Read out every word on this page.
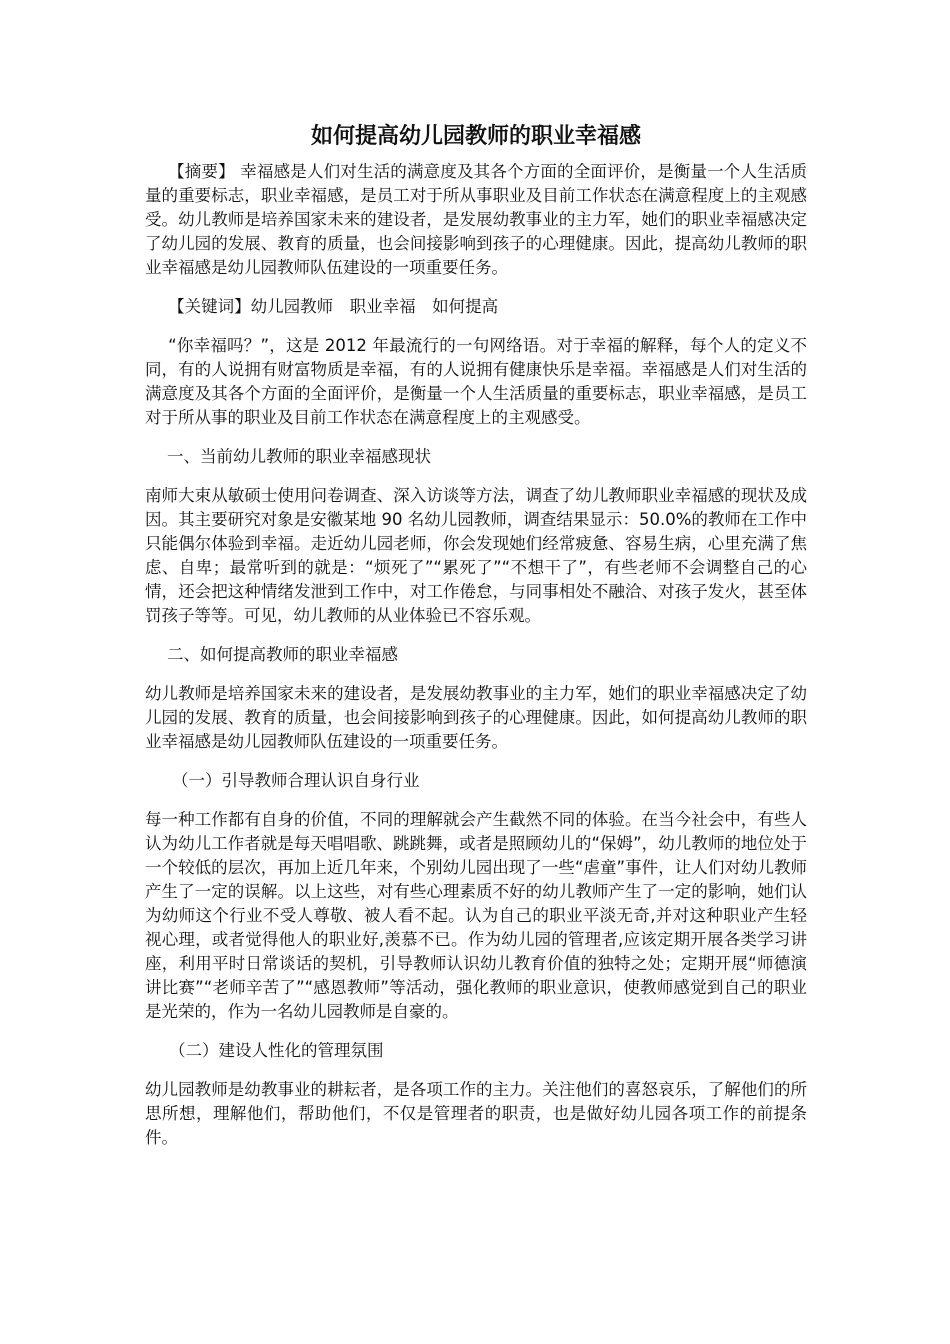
如何提高幼儿园教师的职业幸福感

【摘要】 幸福感是人们对生活的满意度及其各个方面的全面评价，是衡量一个人生活质量的重要标志，职业幸福感，是员工对于所从事职业及目前工作状态在满意程度上的主观感受。幼儿教师是培养国家未来的建设者，是发展幼教事业的主力军，她们的职业幸福感决定了幼儿园的发展、教育的质量，也会间接影响到孩子的心理健康。因此，提高幼儿教师的职业幸福感是幼儿园教师队伍建设的一项重要任务。

【关键词】幼儿园教师　职业幸福　如何提高

“你幸福吗？”，这是 2012 年最流行的一句网络语。对于幸福的解释，每个人的定义不同，有的人说拥有财富物质是幸福，有的人说拥有健康快乐是幸福。幸福感是人们对生活的满意度及其各个方面的全面评价，是衡量一个人生活质量的重要标志，职业幸福感，是员工对于所从事的职业及目前工作状态在满意程度上的主观感受。

一、当前幼儿教师的职业幸福感现状

南师大束从敏硕士使用问卷调查、深入访谈等方法，调查了幼儿教师职业幸福感的现状及成因。其主要研究对象是安徽某地 90 名幼儿园教师，调查结果显示：50.0%的教师在工作中只能偶尔体验到幸福。走近幼儿园老师，你会发现她们经常疲惫、容易生病，心里充满了焦虑、自卑；最常听到的就是：“烦死了”“累死了”“不想干了”，有些老师不会调整自己的心情，还会把这种情绪发泄到工作中，对工作倦怠，与同事相处不融洽、对孩子发火，甚至体罚孩子等等。可见，幼儿教师的从业体验已不容乐观。

二、如何提高教师的职业幸福感

幼儿教师是培养国家未来的建设者，是发展幼教事业的主力军，她们的职业幸福感决定了幼儿园的发展、教育的质量，也会间接影响到孩子的心理健康。因此，如何提高幼儿教师的职业幸福感是幼儿园教师队伍建设的一项重要任务。

（一）引导教师合理认识自身行业

每一种工作都有自身的价值，不同的理解就会产生截然不同的体验。在当今社会中，有些人认为幼儿工作者就是每天唱唱歌、跳跳舞，或者是照顾幼儿的“保姆”，幼儿教师的地位处于一个较低的层次，再加上近几年来，个别幼儿园出现了一些“虐童”事件，让人们对幼儿教师产生了一定的误解。以上这些，对有些心理素质不好的幼儿教师产生了一定的影响，她们认为幼师这个行业不受人尊敬、被人看不起。认为自己的职业平淡无奇,并对这种职业产生轻视心理，或者觉得他人的职业好,羡慕不已。作为幼儿园的管理者,应该定期开展各类学习讲座，利用平时日常谈话的契机，引导教师认识幼儿教育价值的独特之处；定期开展“师德演讲比赛”“老师辛苦了”“感恩教师”等活动，强化教师的职业意识，使教师感觉到自己的职业是光荣的，作为一名幼儿园教师是自豪的。

（二）建设人性化的管理氛围

幼儿园教师是幼教事业的耕耘者，是各项工作的主力。关注他们的喜怒哀乐，了解他们的所思所想，理解他们，帮助他们，不仅是管理者的职责，也是做好幼儿园各项工作的前提条件。
